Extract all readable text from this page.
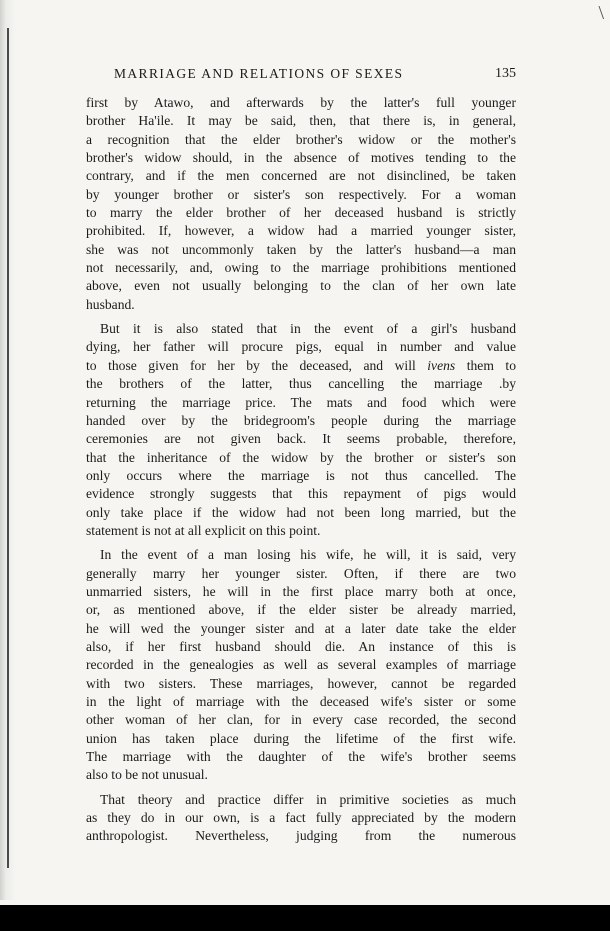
\
MARRIAGE AND RELATIONS OF SEXES	135
first by Atawo, and afterwards by the latter's full younger
brother Ha'ile. It may be said, then, that there is, in general,
a recognition that the elder brother's widow or the mother's
brother's widow should, in the absence of motives tending to the
contrary, and if the men concerned are not disinclined, be taken
by younger brother or sister's son respectively. For a woman
to marry the elder brother of her deceased husband is strictly
prohibited. If, however, a widow had a married younger sister,
she was not uncommonly taken by the latter's husband—a man
not necessarily, and, owing to the marriage prohibitions mentioned
above, even not usually belonging to the clan of her own late
husband.
But it is also stated that in the event of a girl's husband
dying, her father will procure pigs, equal in number and value
to those given for her by the deceased, and will ivens them to
the brothers of the latter, thus cancelling the marriage .by
returning the marriage price. The mats and food which were
handed over by the bridegroom's people during the marriage
ceremonies are not given back. It seems probable, therefore,
that the inheritance of the widow by the brother or sister's son
only occurs where the marriage is not thus cancelled. The
evidence strongly suggests that this repayment of pigs would
only take place if the widow had not been long married, but the
statement is not at all explicit on this point.
In the event of a man losing his wife, he will, it is said, very
generally marry her younger sister. Often, if there are two
unmarried sisters, he will in the first place marry both at once,
or, as mentioned above, if the elder sister be already married,
he will wed the younger sister and at a later date take the elder
also, if her first husband should die. An instance of this is
recorded in the genealogies as well as several examples of marriage
with two sisters. These marriages, however, cannot be regarded
in the light of marriage with the deceased wife's sister or some
other woman of her clan, for in every case recorded, the second
union has taken place during the lifetime of the first wife.
The marriage with the daughter of the wife's brother seems
also to be not unusual.
That theory and practice differ in primitive societies as much
as they do in our own, is a fact fully appreciated by the modern
anthropologist. Nevertheless, judging from the numerous
